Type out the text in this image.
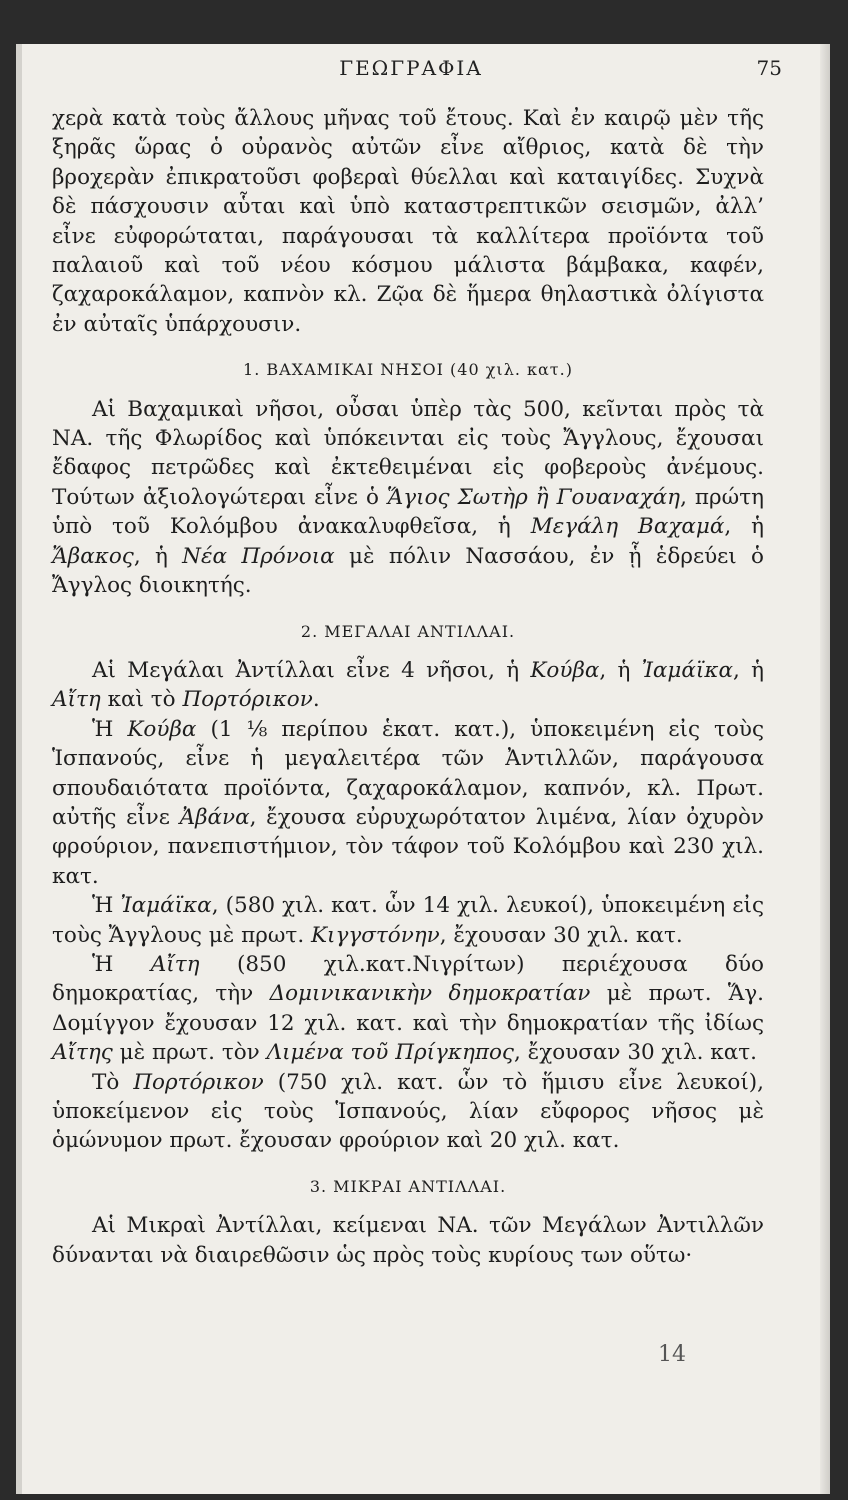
ΓΕΩΓΡΑΦΙΑ	75

χερὰ κατὰ τοὺς ἄλλους μῆνας τοῦ ἔτους. Καὶ ἐν καιρῷ μὲν τῆς ξηρᾶς ὥρας ὁ οὐρανὸς αὐτῶν εἶνε αἴθριος, κατὰ δὲ τὴν βροχερὰν ἐπικρατοῦσι φοβεραὶ θύελλαι καὶ καταιγίδες. Συχνὰ δὲ πάσχουσιν αὗται καὶ ὑπὸ καταστρεπτικῶν σεισμῶν, ἀλλ’ εἶνε εὐφορώταται, παράγουσαι τὰ καλλίτερα προϊόντα τοῦ παλαιοῦ καὶ τοῦ νέου κόσμου μάλιστα βάμβακα, καφέν, ζαχαροκάλαμον, καπνὸν κλ. Ζῷα δὲ ἥμερα θηλαστικὰ ὀλίγιστα ἐν αὐταῖς ὑπάρχουσιν.

1. ΒΑΧΑΜΙΚΑΙ ΝΗΣΟΙ (40 χιλ. κατ.)

Αἱ Βαχαμικαὶ νῆσοι, οὖσαι ὑπὲρ τὰς 500, κεῖνται πρὸς τὰ ΝΑ. τῆς Φλωρίδος καὶ ὑπόκεινται εἰς τοὺς Ἄγγλους, ἔχουσαι ἔδαφος πετρῶδες καὶ ἐκτεθειμέναι εἰς φοβεροὺς ἀνέμους. Τούτων ἀξιολογώτεραι εἶνε ὁ Ἅγιος Σωτὴρ ἢ Γουαναχάη, πρώτη ὑπὸ τοῦ Κολόμβου ἀνακαλυφθεῖσα, ἡ Μεγάλη Βαχαμά, ἡ Ἄβακος, ἡ Νέα Πρόνοια μὲ πόλιν Νασσάου, ἐν ᾗ ἑδρεύει ὁ Ἄγγλος διοικητής.

2. ΜΕΓΑΛΑΙ ΑΝΤΙΛΛΑΙ.

Αἱ Μεγάλαι Ἀντίλλαι εἶνε 4 νῆσοι, ἡ Κούβα, ἡ Ἰαμάϊκα, ἡ Αἴτη καὶ τὸ Πορτόρικον.

Ἡ Κούβα (1 ⅛ περίπου ἑκατ. κατ.), ὑποκειμένη εἰς τοὺς Ἱσπανούς, εἶνε ἡ μεγαλειτέρα τῶν Ἀντιλλῶν, παράγουσα σπουδαιότατα προϊόντα, ζαχαροκάλαμον, καπνόν, κλ. Πρωτ. αὐτῆς εἶνε Ἀβάνα, ἔχουσα εὐρυχωρότατον λιμένα, λίαν ὀχυρὸν φρούριον, πανεπιστήμιον, τὸν τάφον τοῦ Κολόμβου καὶ 230 χιλ. κατ.

Ἡ Ἰαμάϊκα, (580 χιλ. κατ. ὧν 14 χιλ. λευκοί), ὑποκειμένη εἰς τοὺς Ἄγγλους μὲ πρωτ. Κιγγστόνην, ἔχουσαν 30 χιλ. κατ.

Ἡ Αἴτη (850 χιλ.κατ.Νιγρίτων) περιέχουσα δύο δημοκρατίας, τὴν Δομινικανικὴν δημοκρατίαν μὲ πρωτ. Ἅγ. Δομίγγον ἔχουσαν 12 χιλ. κατ. καὶ τὴν δημοκρατίαν τῆς ἰδίως Αἴτης μὲ πρωτ. τὸν Λιμένα τοῦ Πρίγκηπος, ἔχουσαν 30 χιλ. κατ.

Τὸ Πορτόρικον (750 χιλ. κατ. ὧν τὸ ἥμισυ εἶνε λευκοί), ὑποκείμενον εἰς τοὺς Ἱσπανούς, λίαν εὔφορος νῆσος μὲ ὁμώνυμον πρωτ. ἔχουσαν φρούριον καὶ 20 χιλ. κατ.

3. ΜΙΚΡΑΙ ΑΝΤΙΛΛΑΙ.

Αἱ Μικραὶ Ἀντίλλαι, κείμεναι ΝΑ. τῶν Μεγάλων Ἀντιλλῶν δύνανται νὰ διαιρεθῶσιν ὡς πρὸς τοὺς κυρίους των οὕτω·

14
